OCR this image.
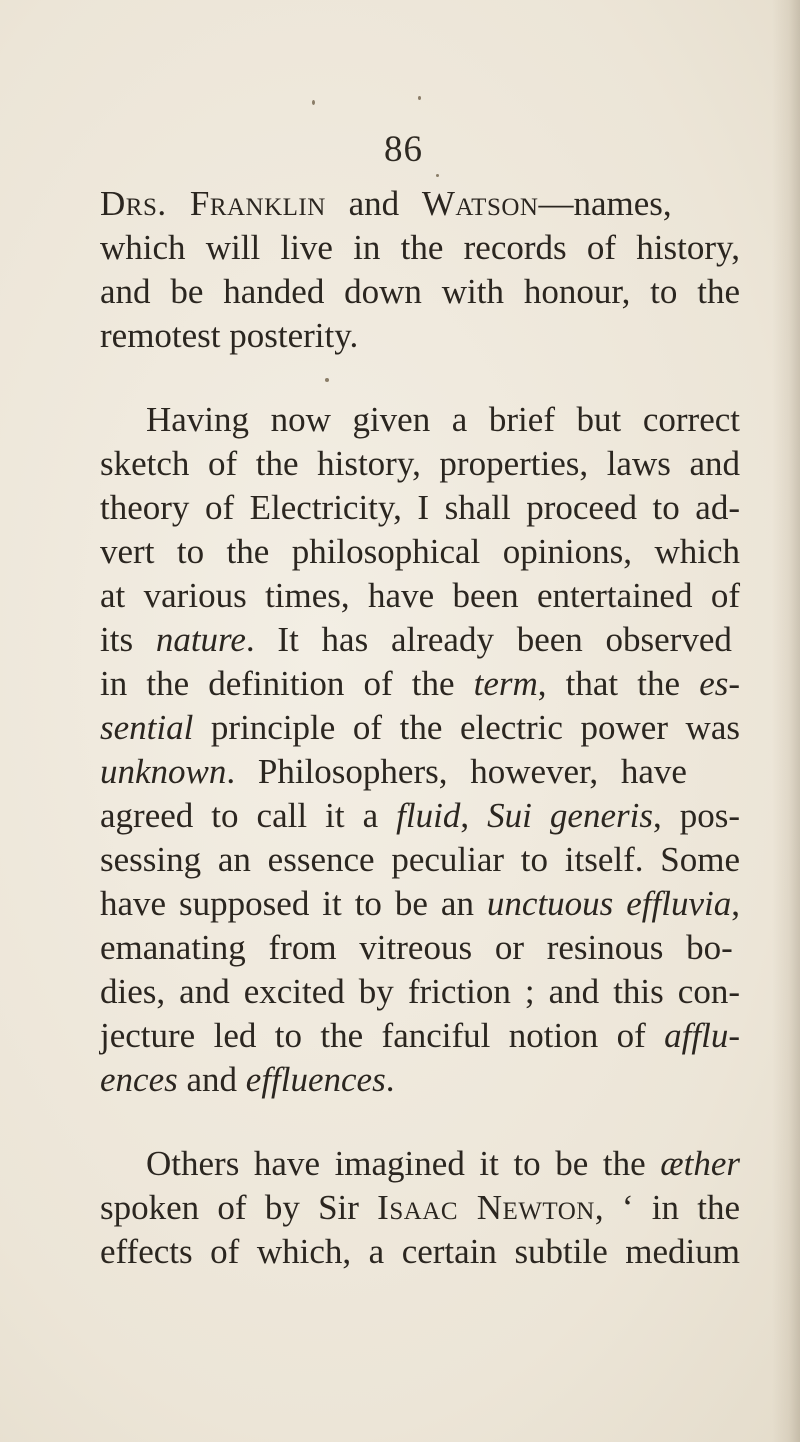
86
Drs. Franklin and Watson—names,
which will live in the records of history,
and be handed down with honour, to the
remotest posterity.
Having now given a brief but correct
sketch of the history, properties, laws and
theory of Electricity, I shall proceed to ad-
vert to the philosophical opinions, which
at various times, have been entertained of
its nature. It has already been observed
in the definition of the term, that the es-
sential principle of the electric power was
unknown. Philosophers, however, have
agreed to call it a fluid, Sui generis, pos-
sessing an essence peculiar to itself. Some
have supposed it to be an unctuous effluvia,
emanating from vitreous or resinous bo-
dies, and excited by friction ; and this con-
jecture led to the fanciful notion of afflu-
ences and effluences.
Others have imagined it to be the æther
spoken of by Sir Isaac Newton, ‘ in the
effects of which, a certain subtile medium
